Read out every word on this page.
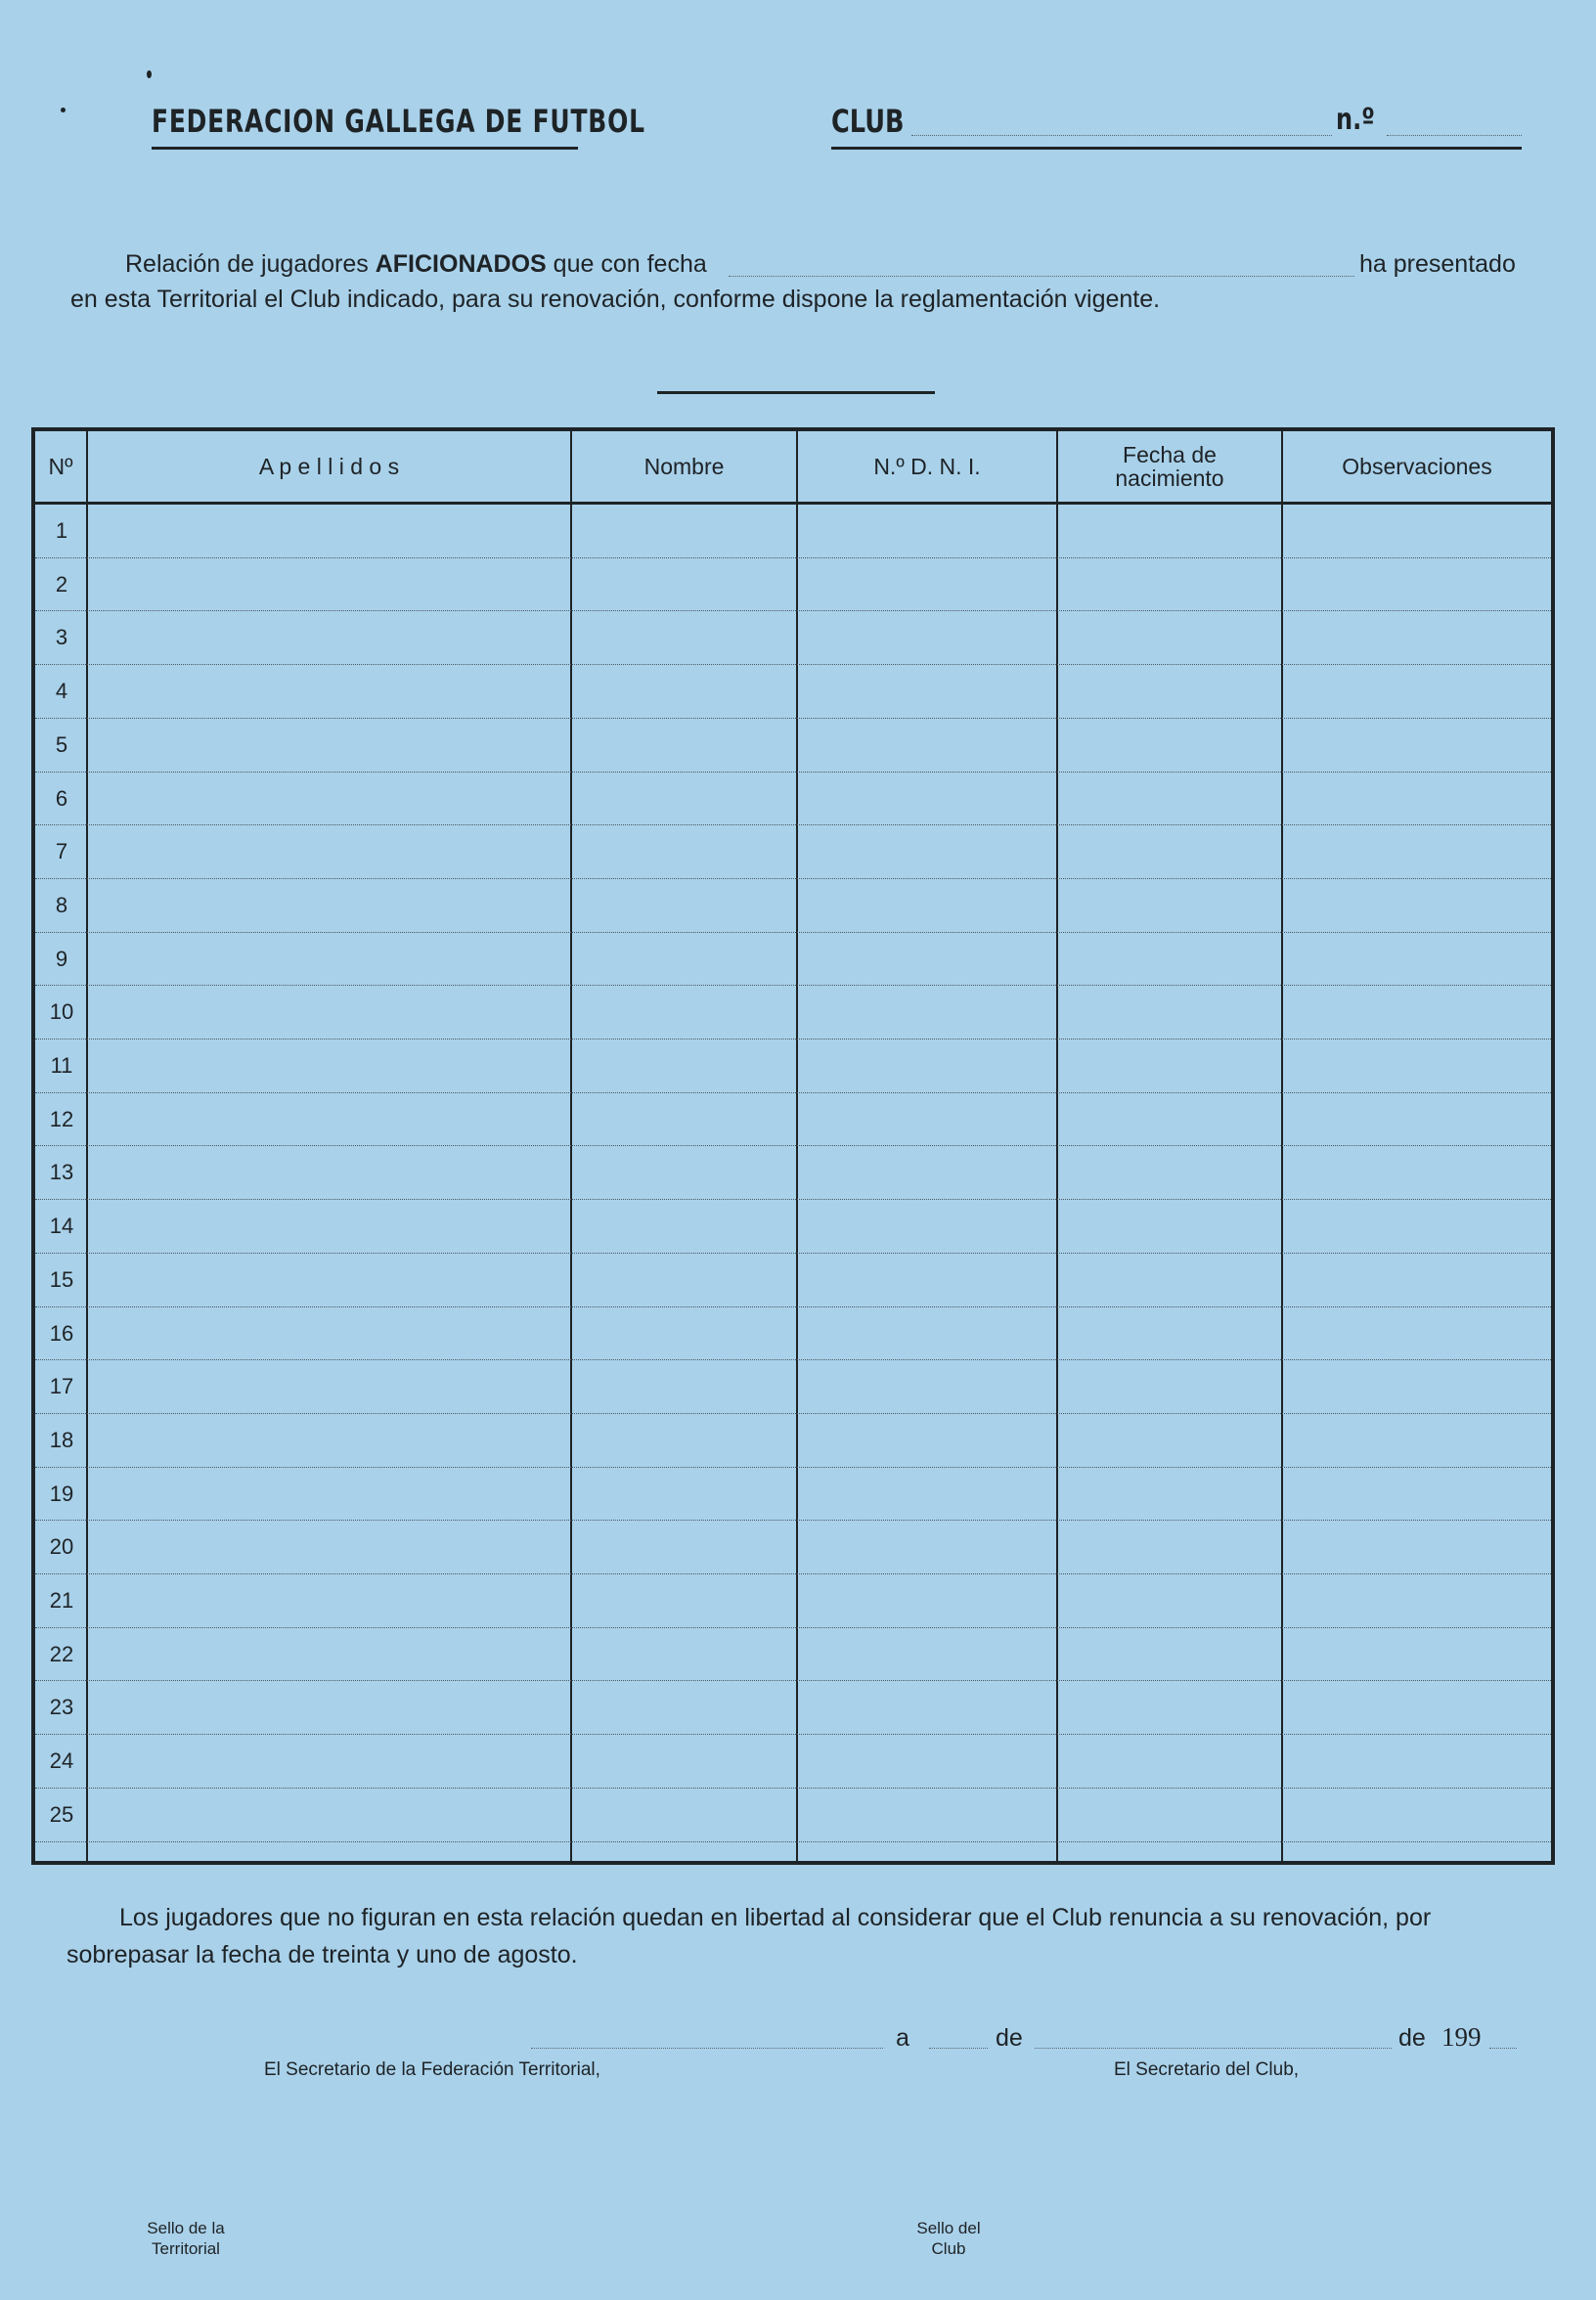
FEDERACION GALLEGA DE FUTBOL	CLUB	n.º
Relación de jugadores AFICIONADOS que con fecha	ha presentado
en esta Territorial el Club indicado, para su renovación, conforme dispone la reglamentación vigente.
Nº	A p e l l i d o s	Nombre	N.º D. N. I.	Fecha de nacimiento	Observaciones
1
2
3
4
5
6
7
8
9
10
11
12
13
14
15
16
17
18
19
20
21
22
23
24
25
Los jugadores que no figuran en esta relación quedan en libertad al considerar que el Club renuncia a su renovación, por
sobrepasar la fecha de treinta y uno de agosto.
a	de	de 199
El Secretario de la Federación Territorial,	El Secretario del Club,
Sello de la Territorial
Sello del Club
